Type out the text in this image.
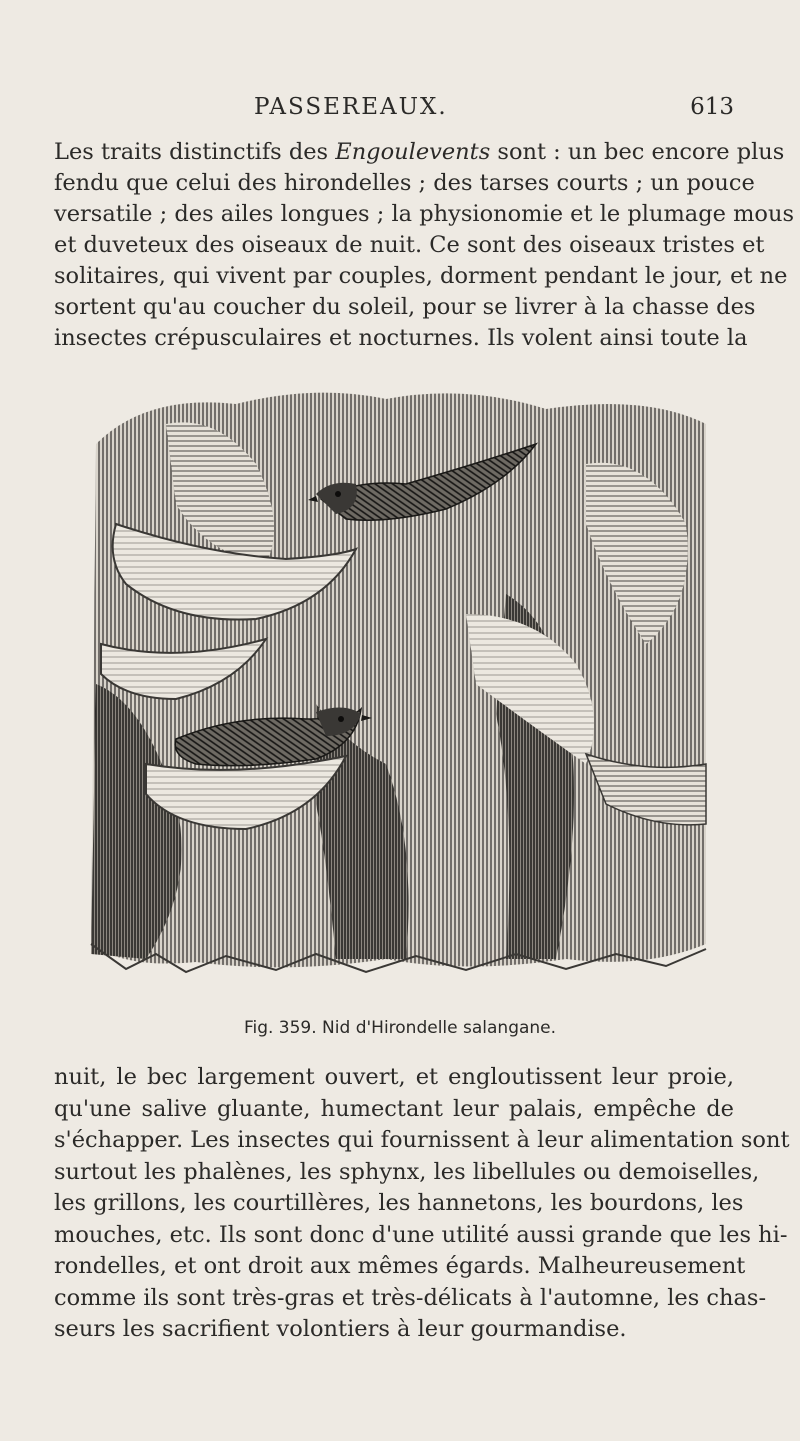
PASSEREAUX.	613

Les traits distinctifs des Engoulevents sont : un bec encore plus
fendu que celui des hirondelles ; des tarses courts ; un pouce
versatile ; des ailes longues ; la physionomie et le plumage mous
et duveteux des oiseaux de nuit. Ce sont des oiseaux tristes et
solitaires, qui vivent par couples, dorment pendant le jour, et ne
sortent qu'au coucher du soleil, pour se livrer à la chasse des
insectes crépusculaires et nocturnes. Ils volent ainsi toute la

Fig. 359. Nid d'Hirondelle salangane.

nuit, le bec largement ouvert, et engloutissent leur proie,
qu'une salive gluante, humectant leur palais, empêche de
s'échapper. Les insectes qui fournissent à leur alimentation sont
surtout les phalènes, les sphynx, les libellules ou demoiselles,
les grillons, les courtillères, les hannetons, les bourdons, les
mouches, etc. Ils sont donc d'une utilité aussi grande que les hi-
rondelles, et ont droit aux mêmes égards. Malheureusement
comme ils sont très-gras et très-délicats à l'automne, les chas-
seurs les sacrifient volontiers à leur gourmandise.
